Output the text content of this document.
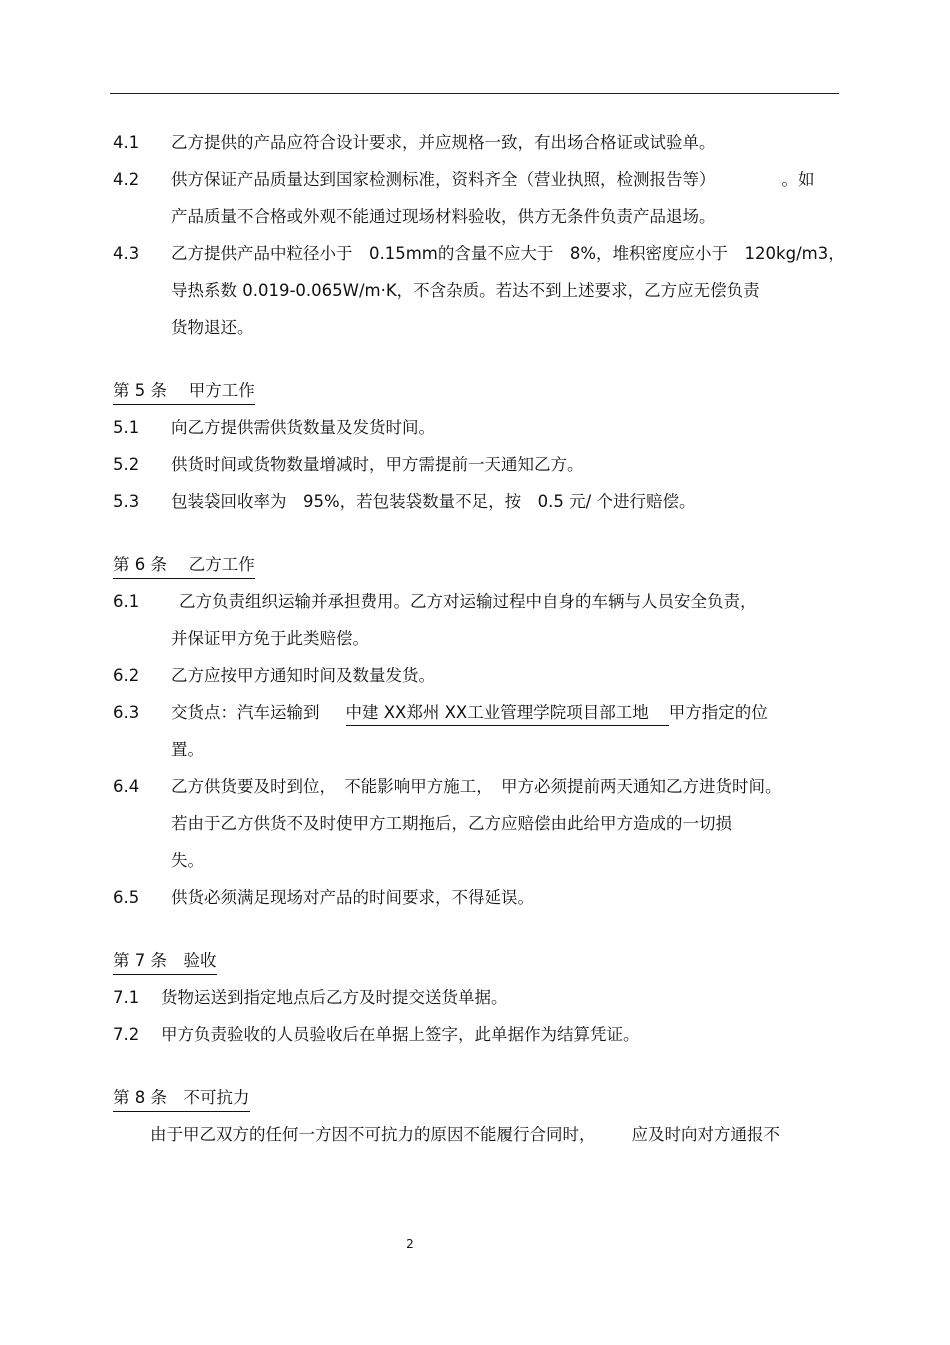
4.1 乙方提供的产品应符合设计要求，并应规格一致，有出场合格证或试验单。
4.2 供方保证产品质量达到国家检测标准，资料齐全（营业执照，检测报告等）	。如
产品质量不合格或外观不能通过现场材料验收，供方无条件负责产品退场。
4.3 乙方提供产品中粒径小于　0.15mm的含量不应大于　8%，堆积密度应小于　120kg/m3，
导热系数 0.019-0.065W/m·K，不含杂质。若达不到上述要求，乙方应无偿负责
货物退还。
第 5 条　 甲方工作
5.1 向乙方提供需供货数量及发货时间。
5.2 供货时间或货物数量增减时，甲方需提前一天通知乙方。
5.3 包装袋回收率为　95%，若包装袋数量不足，按　0.5 元/ 个进行赔偿。
第 6 条　 乙方工作
6.1 乙方负责组织运输并承担费用。乙方对运输过程中自身的车辆与人员安全负责，
并保证甲方免于此类赔偿。
6.2 乙方应按甲方通知时间及数量发货。
6.3 交货点：汽车运输到 中建 XX郑州 XX工业管理学院项目部工地 甲方指定的位
置。
6.4 乙方供货要及时到位，　不能影响甲方施工，　甲方必须提前两天通知乙方进货时间。
若由于乙方供货不及时使甲方工期拖后，乙方应赔偿由此给甲方造成的一切损
失。
6.5 供货必须满足现场对产品的时间要求，不得延误。
第 7 条　验收
7.1 货物运送到指定地点后乙方及时提交送货单据。
7.2 甲方负责验收的人员验收后在单据上签字，此单据作为结算凭证。
第 8 条　不可抗力
由于甲乙双方的任何一方因不可抗力的原因不能履行合同时， 应及时向对方通报不
2
